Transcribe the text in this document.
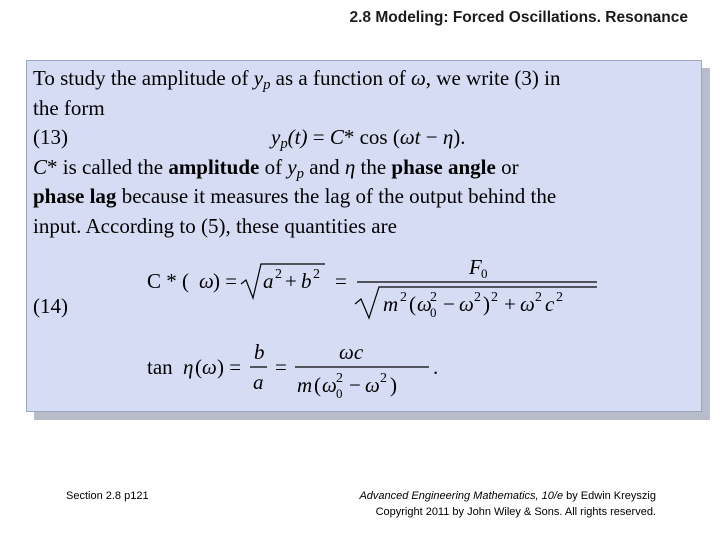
2.8 Modeling: Forced Oscillations. Resonance

To study the amplitude of $y_p$ as a function of ω, we write (3) in

the form

(13)	$y_p(t) = C*$ cos (ωt − η).

C* is called the amplitude of $y_p$ and η the phase angle or

phase lag because it measures the lag of the output behind the

input. According to (5), these quantities are

(14)
C * ( ω ) = a 2 + b 2 =
F 0
m 2 ( ω
0
2 − ω 2 ) 2 + ω 2 c 2
tan η ( ω ) =
b
a
=
ωc
m ( ω 0
2 − ω 2 )
.
Section 2.8 p121	Advanced Engineering Mathematics, 10/e by Edwin Kreyszig
Copyright 2011 by John Wiley & Sons. All rights reserved.
